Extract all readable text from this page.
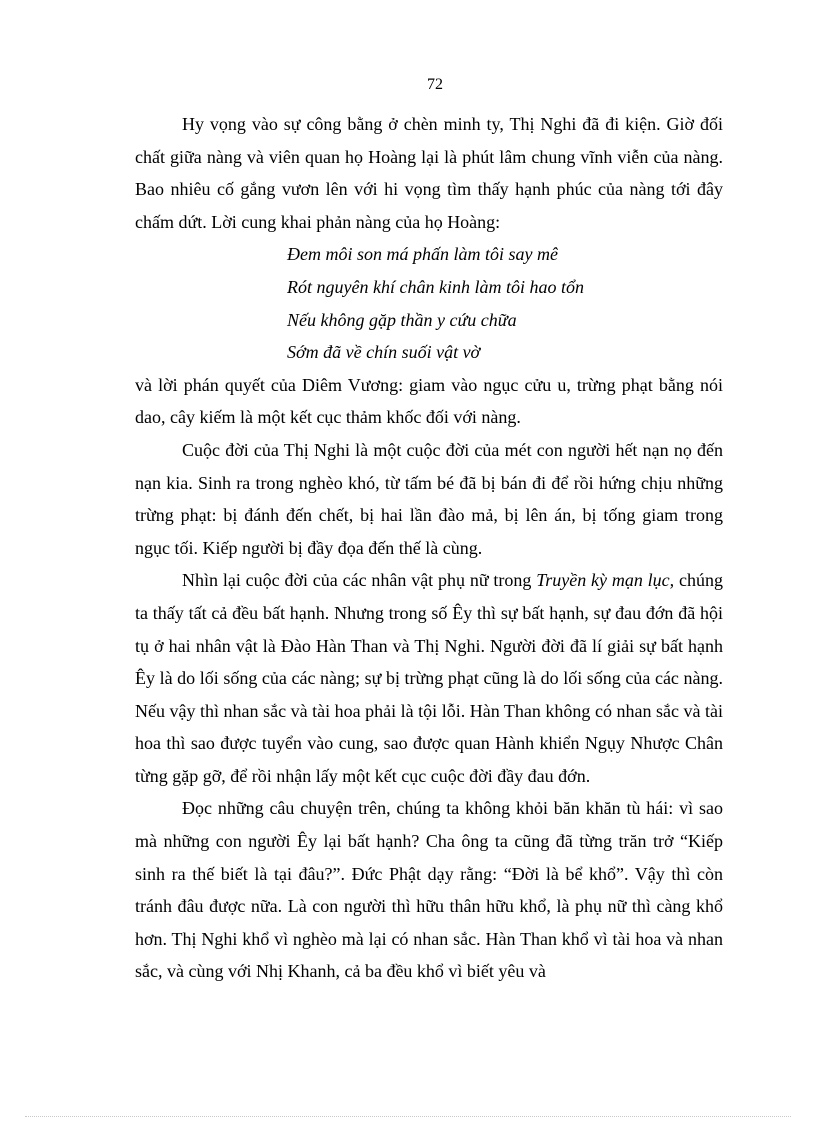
72

Hy vọng vào sự công bằng ở chèn minh ty, Thị Nghi đã đi kiện. Giờ đối chất giữa nàng và viên quan họ Hoàng lại là phút lâm chung vĩnh viễn của nàng. Bao nhiêu cố gắng vươn lên với hi vọng tìm thấy hạnh phúc của nàng tới đây chấm dứt. Lời cung khai phản nàng của họ Hoàng:

Đem môi son má phấn làm tôi say mê
Rót nguyên khí chân kinh làm tôi hao tổn
Nếu không gặp thần y cứu chữa
Sớm đã về chín suối vật vờ

và lời phán quyết của Diêm Vương: giam vào ngục cửu u, trừng phạt bằng nói dao, cây kiếm là một kết cục thảm khốc đối với nàng.

Cuộc đời của Thị Nghi là một cuộc đời của mét con người hết nạn nọ đến nạn kia. Sinh ra trong nghèo khó, từ tấm bé đã bị bán đi để rồi hứng chịu những trừng phạt: bị đánh đến chết, bị hai lần đào mả, bị lên án, bị tống giam trong ngục tối. Kiếp người bị đầy đọa đến thế là cùng.

Nhìn lại cuộc đời của các nhân vật phụ nữ trong Truyền kỳ mạn lục, chúng ta thấy tất cả đều bất hạnh. Nhưng trong số Êy thì sự bất hạnh, sự đau đớn đã hội tụ ở hai nhân vật là Đào Hàn Than và Thị Nghi. Người đời đã lí giải sự bất hạnh Êy là do lối sống của các nàng; sự bị trừng phạt cũng là do lối sống của các nàng. Nếu vậy thì nhan sắc và tài hoa phải là tội lỗi. Hàn Than không có nhan sắc và tài hoa thì sao được tuyển vào cung, sao được quan Hành khiển Ngụy Nhược Chân từng gặp gỡ, để rồi nhận lấy một kết cục cuộc đời đầy đau đớn.

Đọc những câu chuyện trên, chúng ta không khỏi băn khăn tù hái: vì sao mà những con người Êy lại bất hạnh? Cha ông ta cũng đã từng trăn trở “Kiếp sinh ra thế biết là tại đâu?”. Đức Phật dạy rằng: “Đời là bể khổ”. Vậy thì còn tránh đâu được nữa. Là con người thì hữu thân hữu khổ, là phụ nữ thì càng khổ hơn. Thị Nghi khổ vì nghèo mà lại có nhan sắc. Hàn Than khổ vì tài hoa và nhan sắc, và cùng với Nhị Khanh, cả ba đều khổ vì biết yêu và
